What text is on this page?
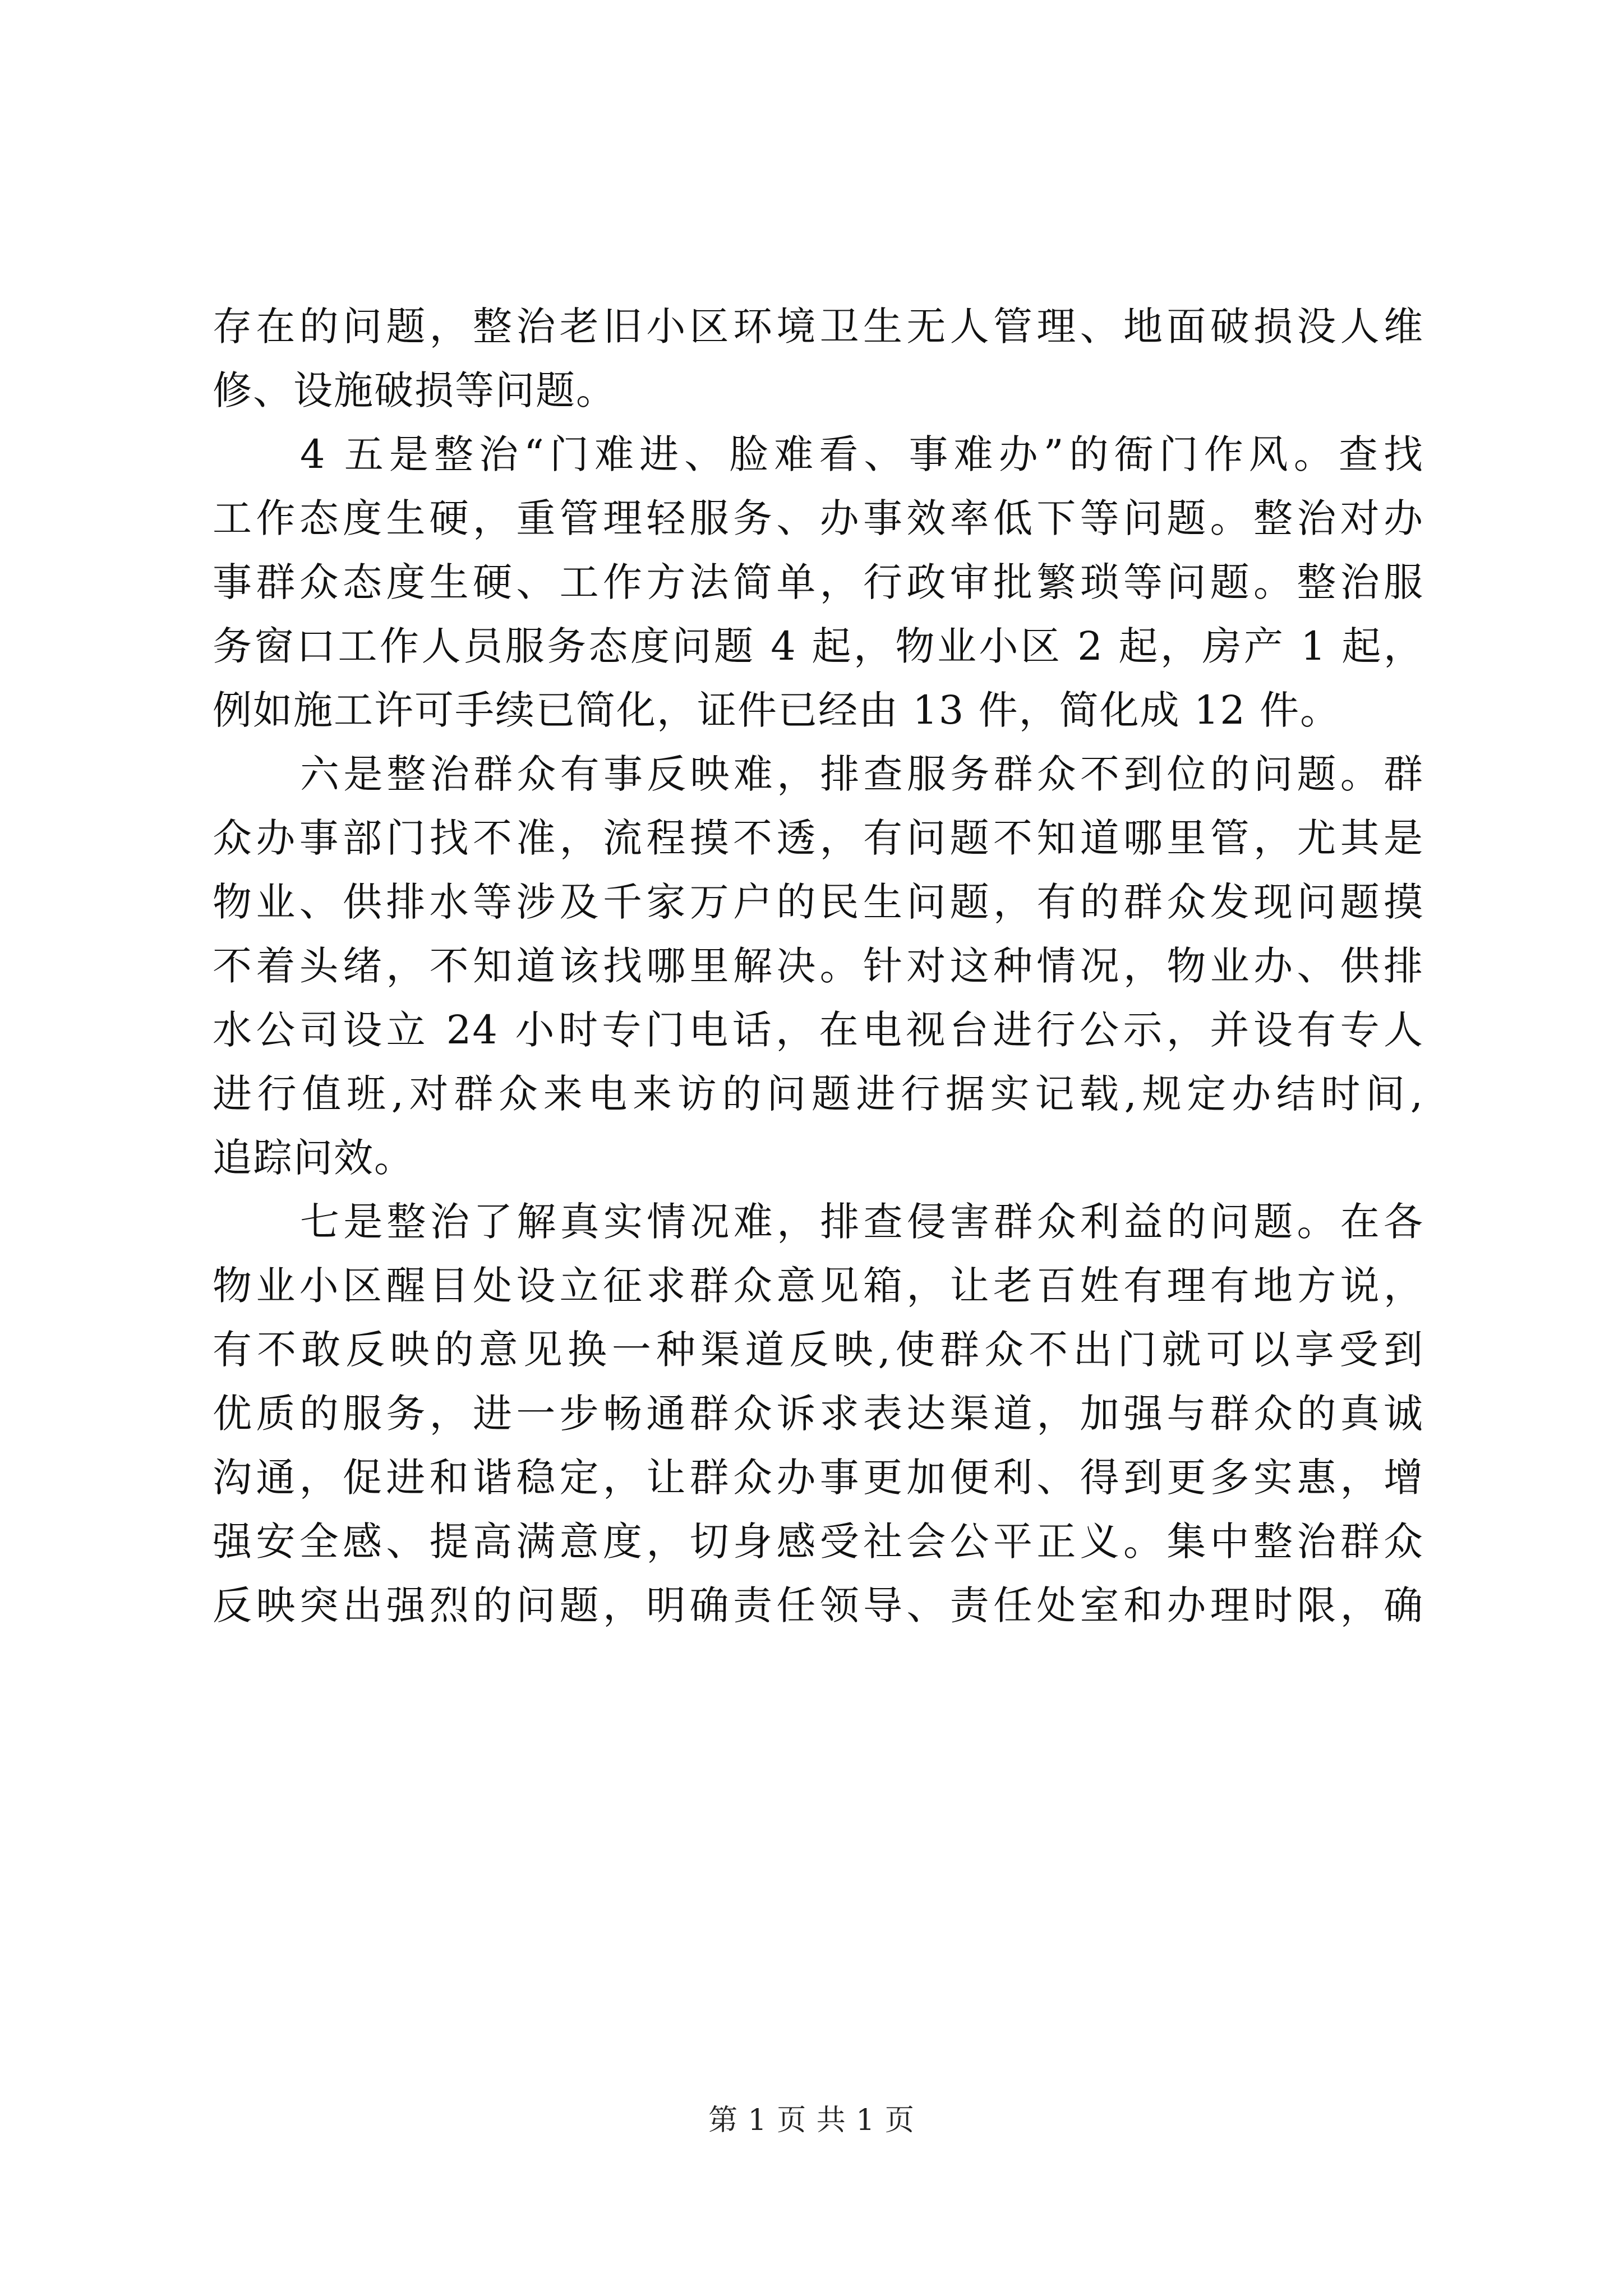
存在的问题，整治老旧小区环境卫生无人管理、地面破损没人维
修、设施破损等问题。
4 五是整治“门难进、脸难看、事难办”的衙门作风。查找
工作态度生硬，重管理轻服务、办事效率低下等问题。整治对办
事群众态度生硬、工作方法简单，行政审批繁琐等问题。整治服
务窗口工作人员服务态度问题 4 起，物业小区 2 起，房产 1 起，
例如施工许可手续已简化，证件已经由 13 件，简化成 12 件。
六是整治群众有事反映难，排查服务群众不到位的问题。群
众办事部门找不准，流程摸不透，有问题不知道哪里管，尤其是
物业、供排水等涉及千家万户的民生问题，有的群众发现问题摸
不着头绪，不知道该找哪里解决。针对这种情况，物业办、供排
水公司设立 24 小时专门电话，在电视台进行公示，并设有专人
进行值班,对群众来电来访的问题进行据实记载,规定办结时间,
追踪问效。
七是整治了解真实情况难，排查侵害群众利益的问题。在各
物业小区醒目处设立征求群众意见箱，让老百姓有理有地方说，
有不敢反映的意见换一种渠道反映,使群众不出门就可以享受到
优质的服务，进一步畅通群众诉求表达渠道，加强与群众的真诚
沟通，促进和谐稳定，让群众办事更加便利、得到更多实惠，增
强安全感、提高满意度，切身感受社会公平正义。集中整治群众
反映突出强烈的问题，明确责任领导、责任处室和办理时限，确
第 1 页 共 1 页
